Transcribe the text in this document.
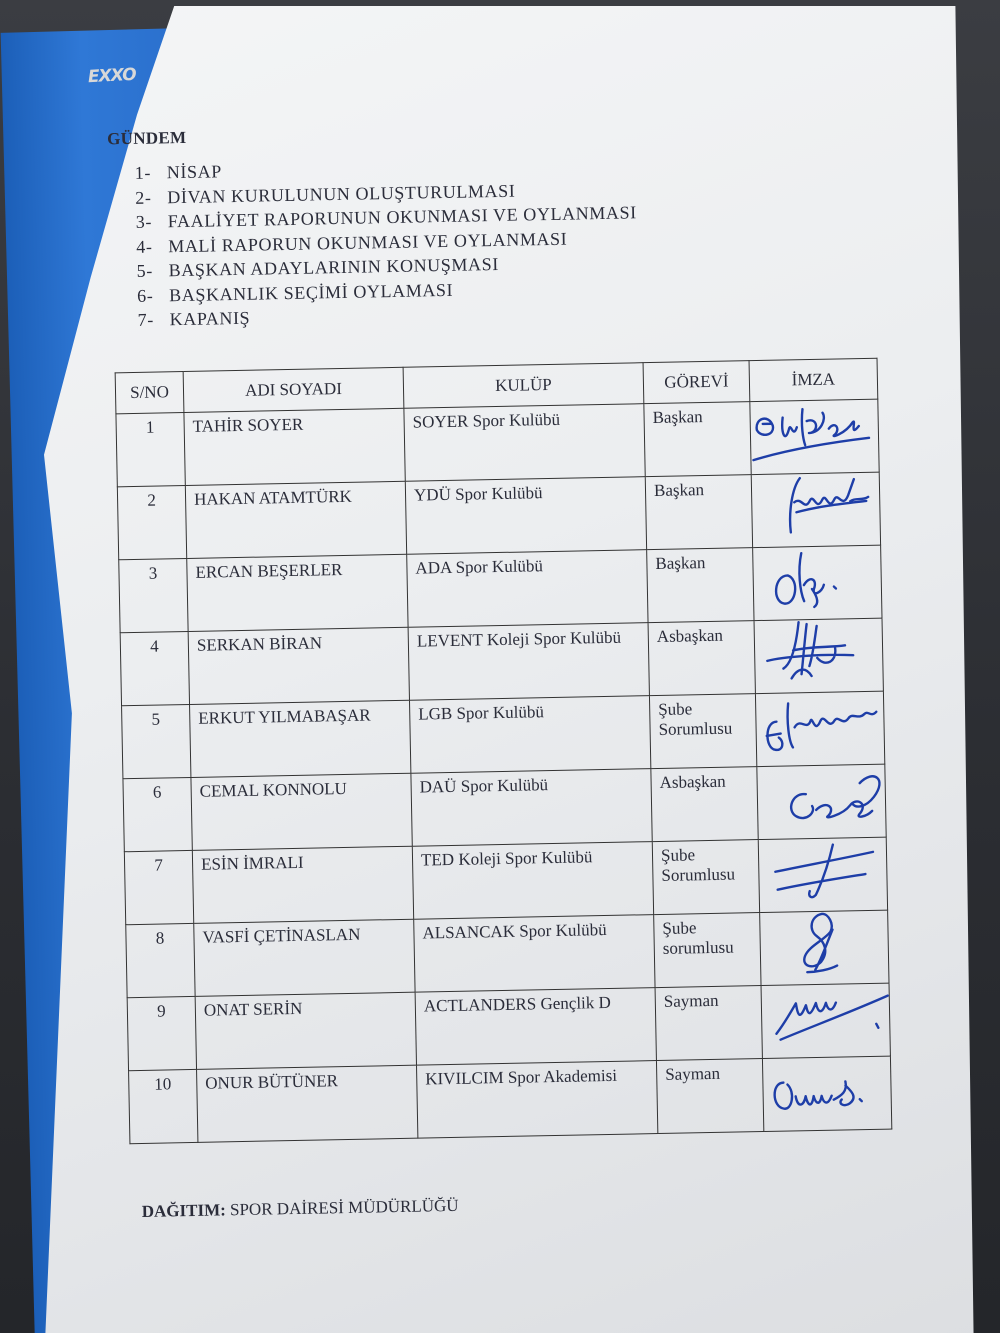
EXXO
GÜNDEM
1- NİSAP
2- DİVAN KURULUNUN OLUŞTURULMASI
3- FAALİYET RAPORUNUN OKUNMASI VE OYLANMASI
4- MALİ RAPORUN OKUNMASI VE OYLANMASI
5- BAŞKAN ADAYLARININ KONUŞMASI
6- BAŞKANLIK SEÇİMİ OYLAMASI
7- KAPANIŞ
S/NO	ADI SOYADI	KULÜP	GÖREVİ	İMZA
1	TAHİR SOYER	SOYER Spor Kulübü	Başkan	

2	HAKAN ATAMTÜRK	YDÜ Spor Kulübü	Başkan	

3	ERCAN BEŞERLER	ADA Spor Kulübü	Başkan	

4	SERKAN BİRAN	LEVENT Koleji Spor Kulübü	Asbaşkan	

5	ERKUT YILMABAŞAR	LGB Spor Kulübü	Şube Sorumlusu	

6	CEMAL KONNOLU	DAÜ Spor Kulübü	Asbaşkan	

7	ESİN İMRALI	TED Koleji Spor Kulübü	Şube Sorumlusu	

8	VASFİ ÇETİNASLAN	ALSANCAK Spor Kulübü	Şube sorumlusu	

9	ONAT SERİN	ACTLANDERS Gençlik D	Sayman	

10	ONUR BÜTÜNER	KIVILCIM Spor Akademisi	Sayman	
DAĞITIM: SPOR DAİRESİ MÜDÜRLÜĞÜ
